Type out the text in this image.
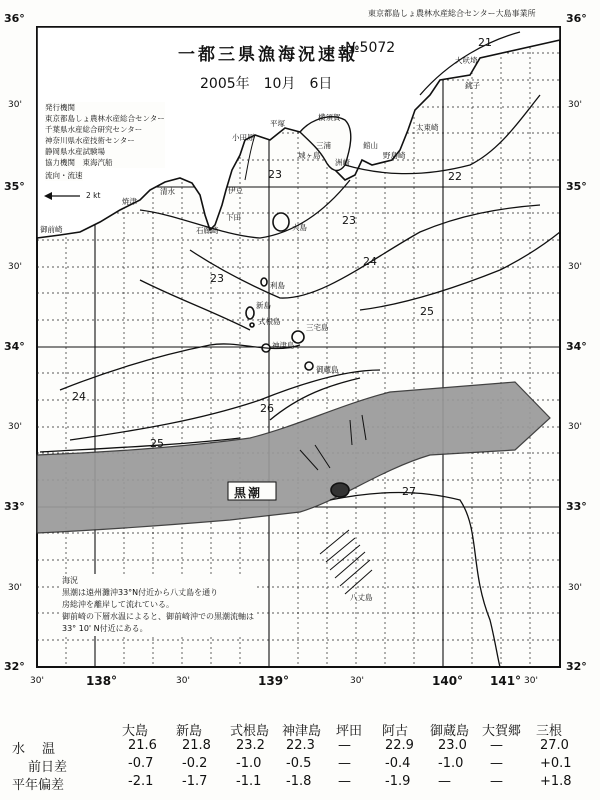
東京都島しょ農林水産総合センター大島事業所
一都三県漁海況速報
№5072
2005年　10月　6日
発行機関
東京都島しょ農林水産総合センター
千葉県水産総合研究センター
神奈川県水産技術センター
静岡県水産試験場
協力機関　 東海汽船
流向・流速
2 kt
黒潮
36°
30'
35°
30'
34°
30'
33°
30'
32°
36°
30'
35°
30'
34°
30'
33°
30'
32°
30'	138°	30'	139°	30'	140°	30'
141°
21
22
23
23
23
24
25
24
26
25
27
大吠埼
銚子
太東崎
野島崎
館山
洲崎
三浦
城ヶ島
小田原
平塚
横須賀
伊豆
下田
石廊崎
御前崎
焼津
清水
大島
利島
新島
式根島
神津島
三宅島
御蔵島
八丈島
海況
黒潮は遠州灘沖33°N付近から八丈島を通り
房総沖を離岸して流れている。
御前崎の下層水温によると、御前崎沖での黒潮流軸は
33° 10' N付近にある。
大島 新島 式根島 神津島 坪田 阿古 御蔵島 大賀郷 三根
水　温	21.6 21.8 23.2 22.3 —	22.9 23.0 —	27.0
前日差	-0.7 -0.2 -1.0 -0.5 —	-0.4 -1.0 —	+0.1
平年偏差	-2.1 -1.7 -1.1 -1.8 —	-1.9 —	—	+1.8
